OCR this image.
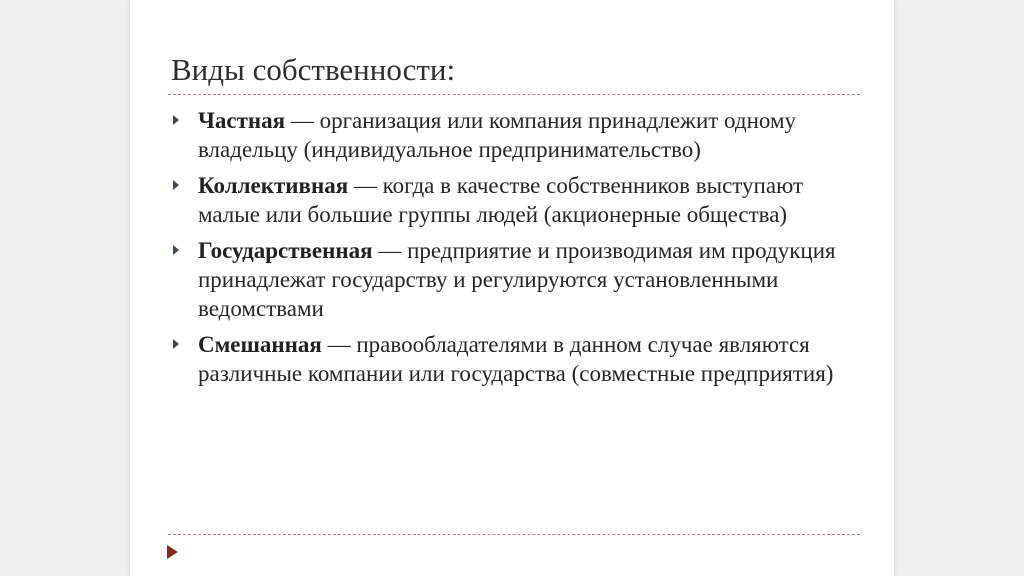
Виды собственности:
Частная — организация или компания принадлежит одному владельцу (индивидуальное предпринимательство)
Коллективная — когда в качестве собственников выступают малые или большие группы людей (акционерные общества)
Государственная — предприятие и производимая им продукция принадлежат государству и регулируются установленными ведомствами
Смешанная — правообладателями в данном случае являются различные компании или государства (совместные предприятия)
